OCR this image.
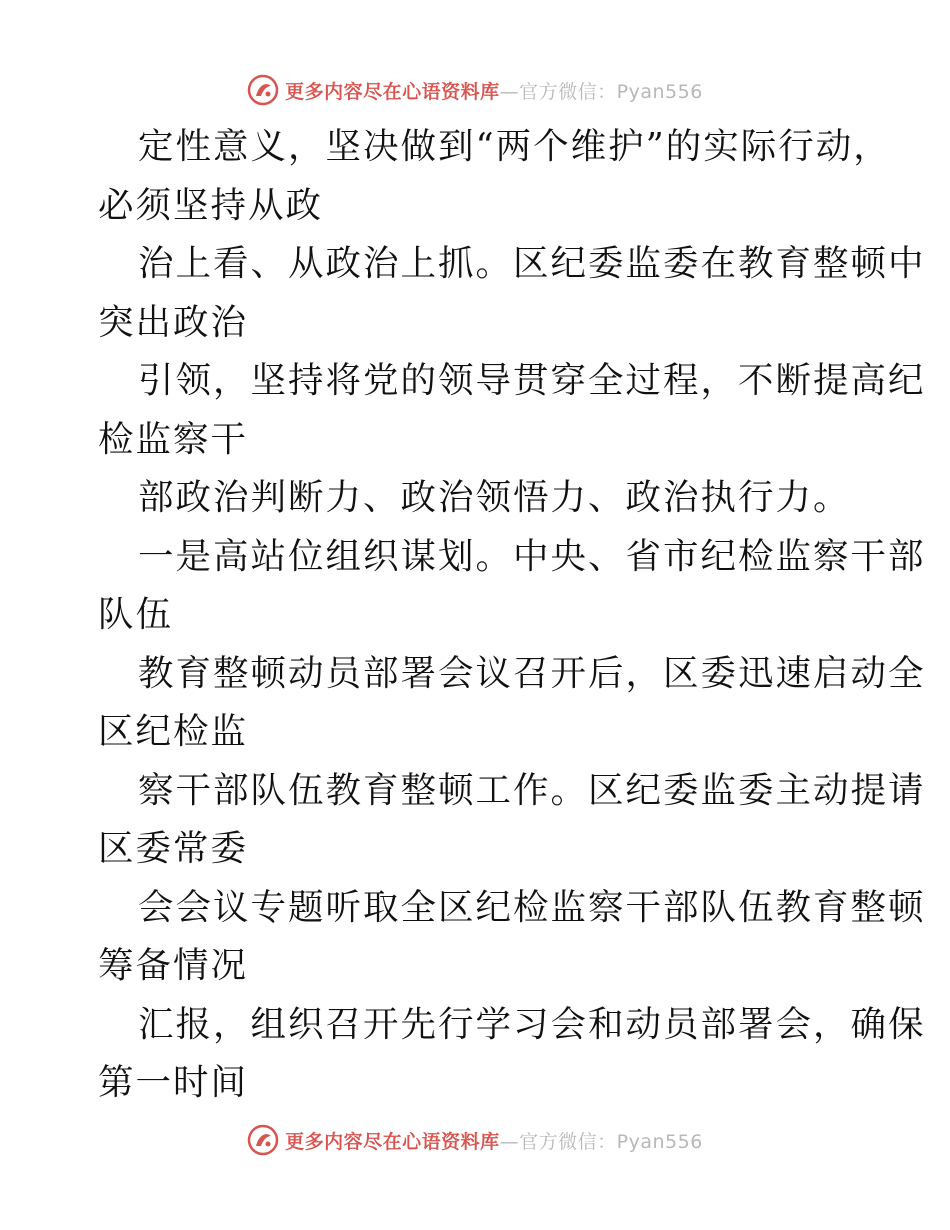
更多内容尽在心语资料库—官方微信：Pyan556
定性意义，坚决做到“两个维护”的实际行动，
必须坚持从政
治上看、从政治上抓。区纪委监委在教育整顿中
突出政治
引领，坚持将党的领导贯穿全过程，不断提高纪
检监察干
部政治判断力、政治领悟力、政治执行力。
一是高站位组织谋划。中央、省市纪检监察干部
队伍
教育整顿动员部署会议召开后，区委迅速启动全
区纪检监
察干部队伍教育整顿工作。区纪委监委主动提请
区委常委
会会议专题听取全区纪检监察干部队伍教育整顿
筹备情况
汇报，组织召开先行学习会和动员部署会，确保
第一时间
更多内容尽在心语资料库—官方微信：Pyan556
